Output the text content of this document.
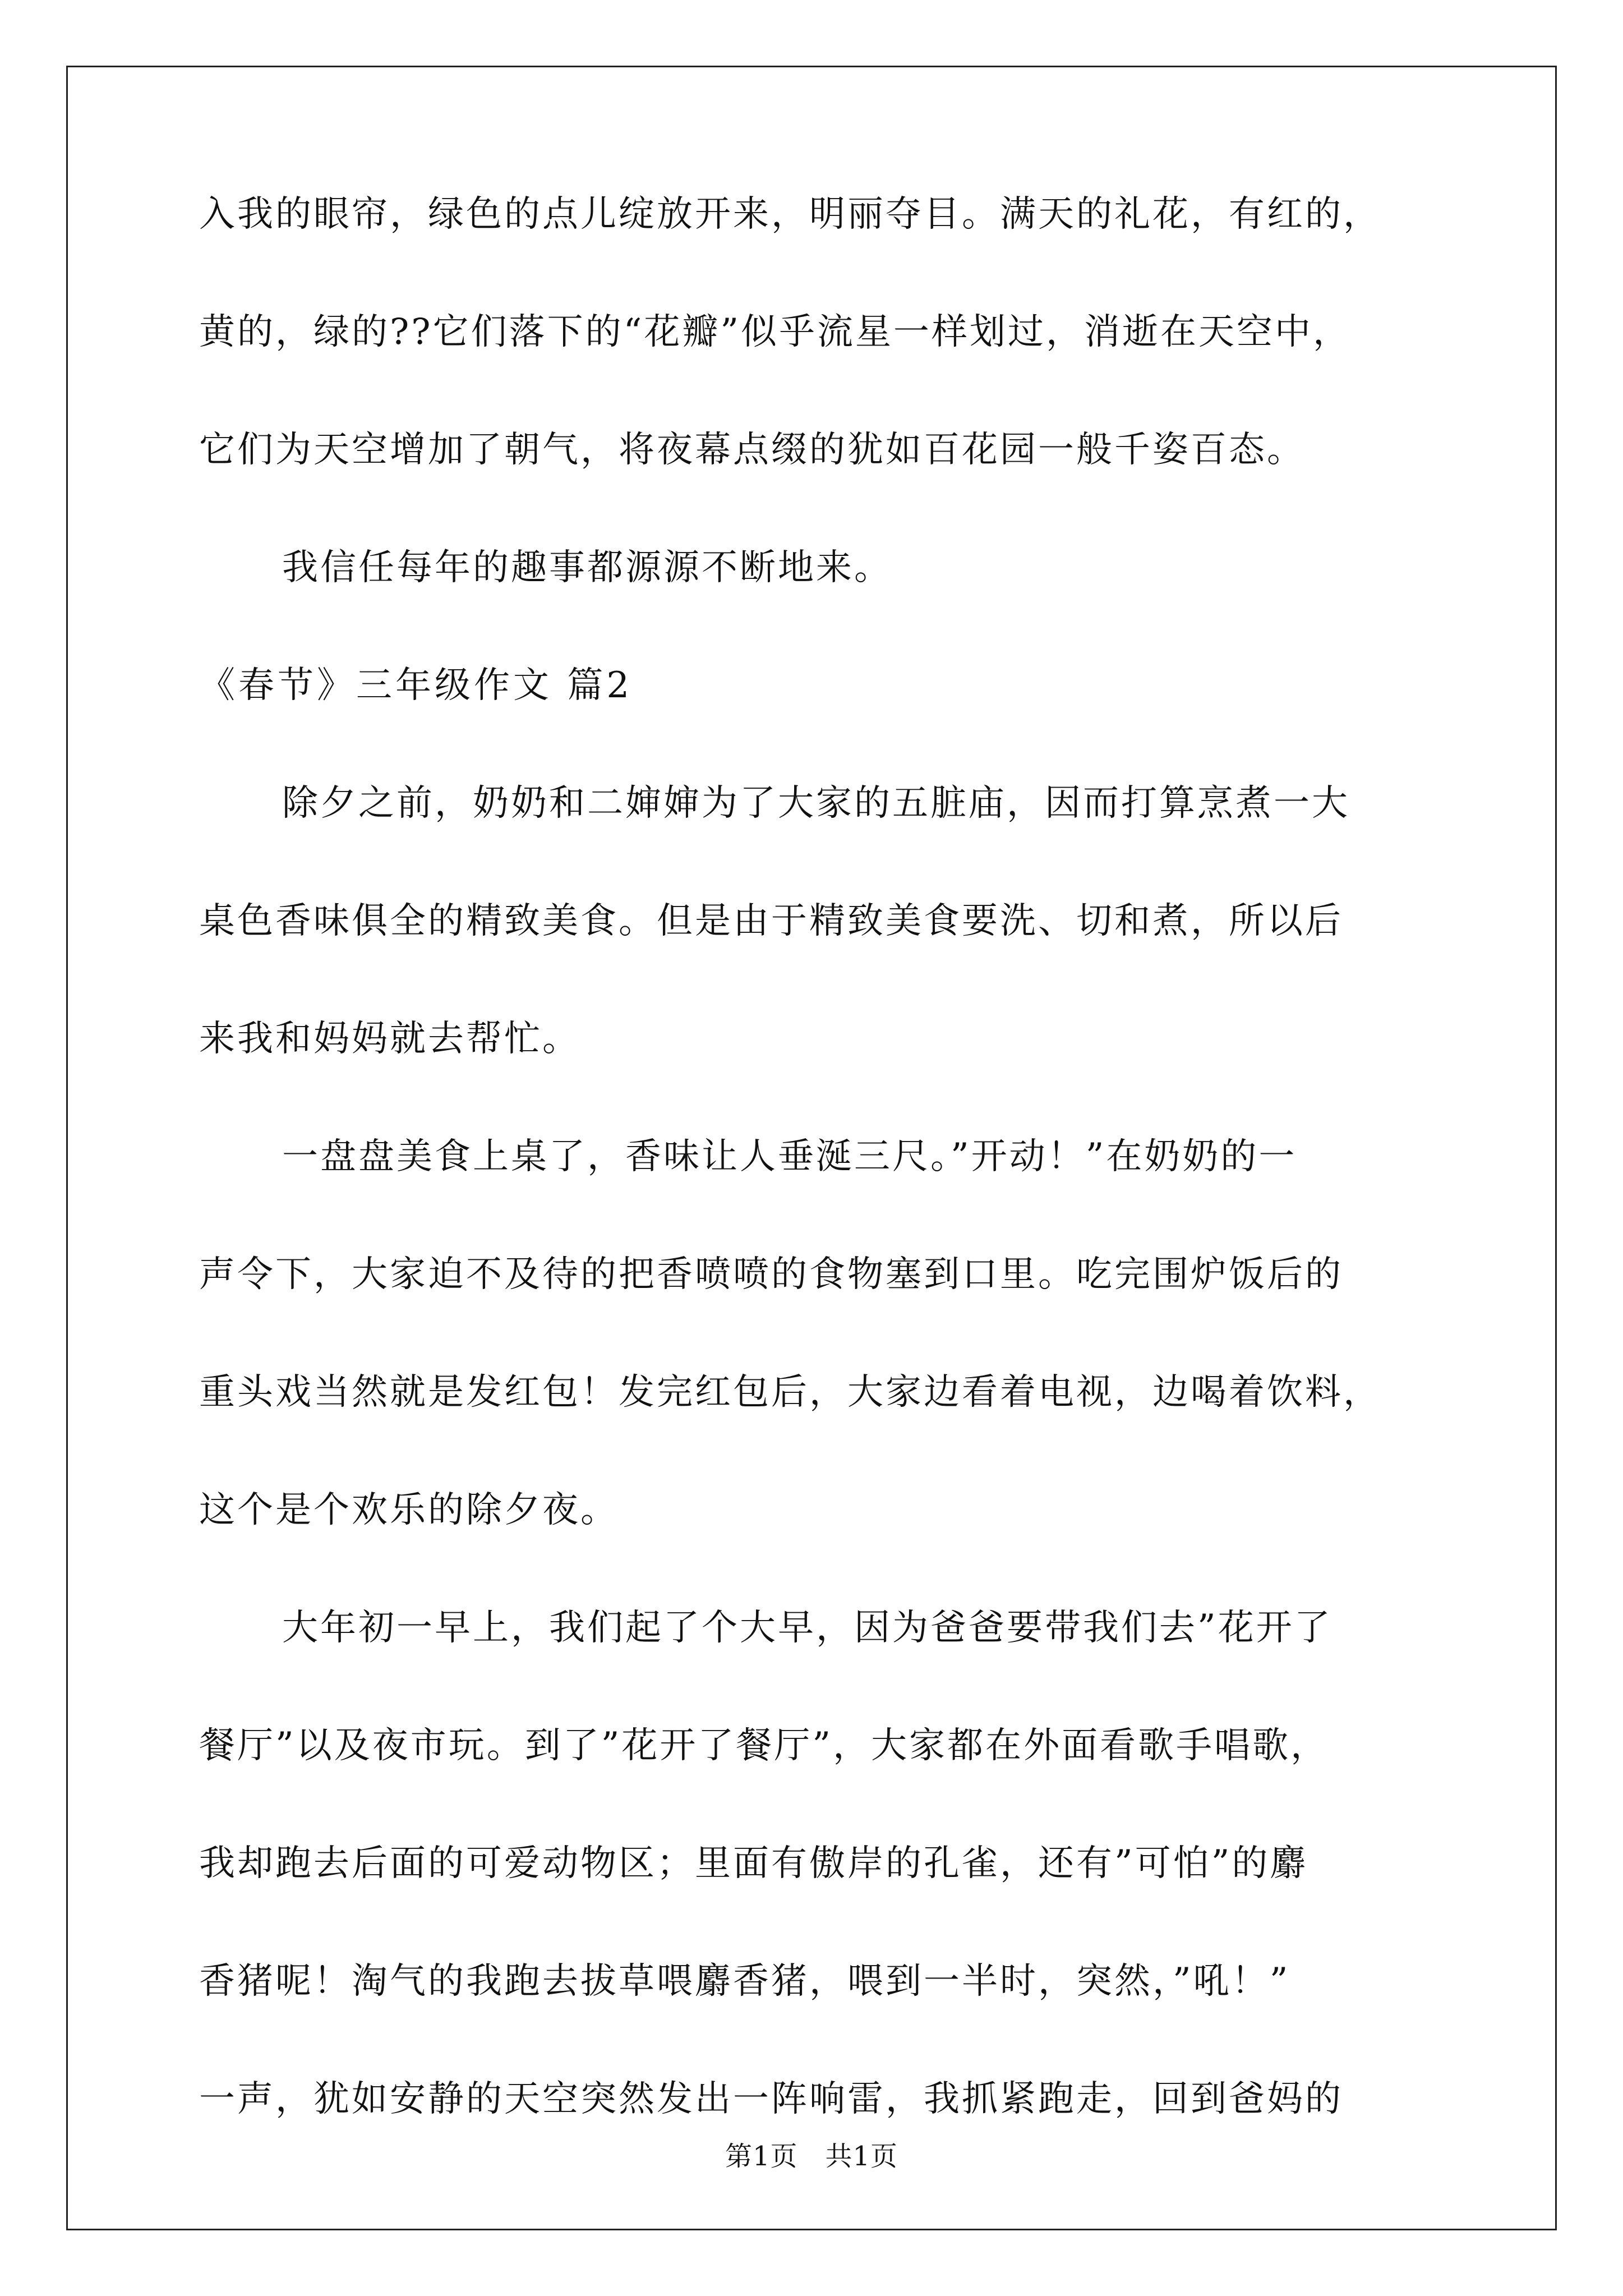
入我的眼帘，绿色的点儿绽放开来，明丽夺目。满天的礼花，有红的，
黄的，绿的??它们落下的“花瓣”似乎流星一样划过，消逝在天空中，
它们为天空增加了朝气，将夜幕点缀的犹如百花园一般千姿百态。
我信任每年的趣事都源源不断地来。
《春节》三年级作文 篇2
除夕之前，奶奶和二婶婶为了大家的五脏庙，因而打算烹煮一大
桌色香味俱全的精致美食。但是由于精致美食要洗、切和煮，所以后
来我和妈妈就去帮忙。
一盘盘美食上桌了，香味让人垂涎三尺。”开动！”在奶奶的一
声令下，大家迫不及待的把香喷喷的食物塞到口里。吃完围炉饭后的
重头戏当然就是发红包！发完红包后，大家边看着电视，边喝着饮料，
这个是个欢乐的除夕夜。
大年初一早上，我们起了个大早，因为爸爸要带我们去”花开了
餐厅”以及夜市玩。到了”花开了餐厅”，大家都在外面看歌手唱歌，
我却跑去后面的可爱动物区；里面有傲岸的孔雀，还有”可怕”的麝
香猪呢！淘气的我跑去拔草喂麝香猪，喂到一半时，突然，”吼！”
一声，犹如安静的天空突然发出一阵响雷，我抓紧跑走，回到爸妈的
第1页　共1页
